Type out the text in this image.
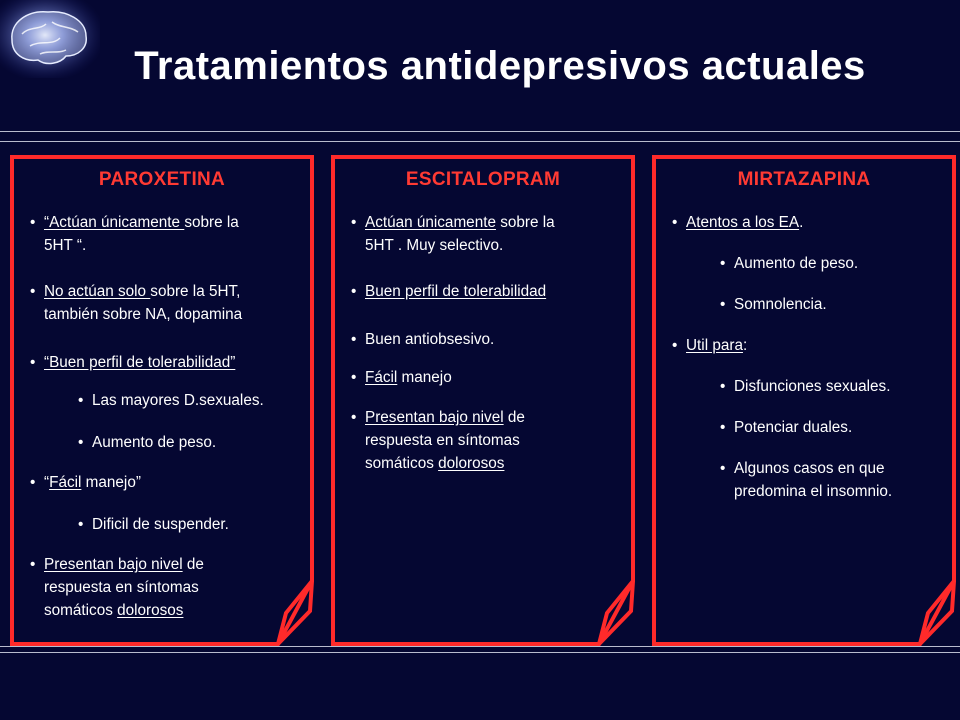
Tratamientos antidepresivos actuales
PAROXETINA
• “Actúan únicamente sobre la
5HT “.
• No actúan solo sobre la 5HT,
también sobre NA, dopamina
• “Buen perfil de tolerabilidad”
• Las mayores D.sexuales.
• Aumento de peso.
• “Fácil manejo”
• Dificil de suspender.
• Presentan bajo nivel de
respuesta en síntomas
somáticos dolorosos
ESCITALOPRAM
• Actúan únicamente sobre la
5HT . Muy selectivo.
• Buen perfil de tolerabilidad
• Buen antiobsesivo.
• Fácil manejo
• Presentan bajo nivel de
respuesta en síntomas
somáticos dolorosos
MIRTAZAPINA
• Atentos a los EA.
• Aumento de peso.
• Somnolencia.
• Util para:
• Disfunciones sexuales.
• Potenciar duales.
• Algunos casos en que
predomina el insomnio.
